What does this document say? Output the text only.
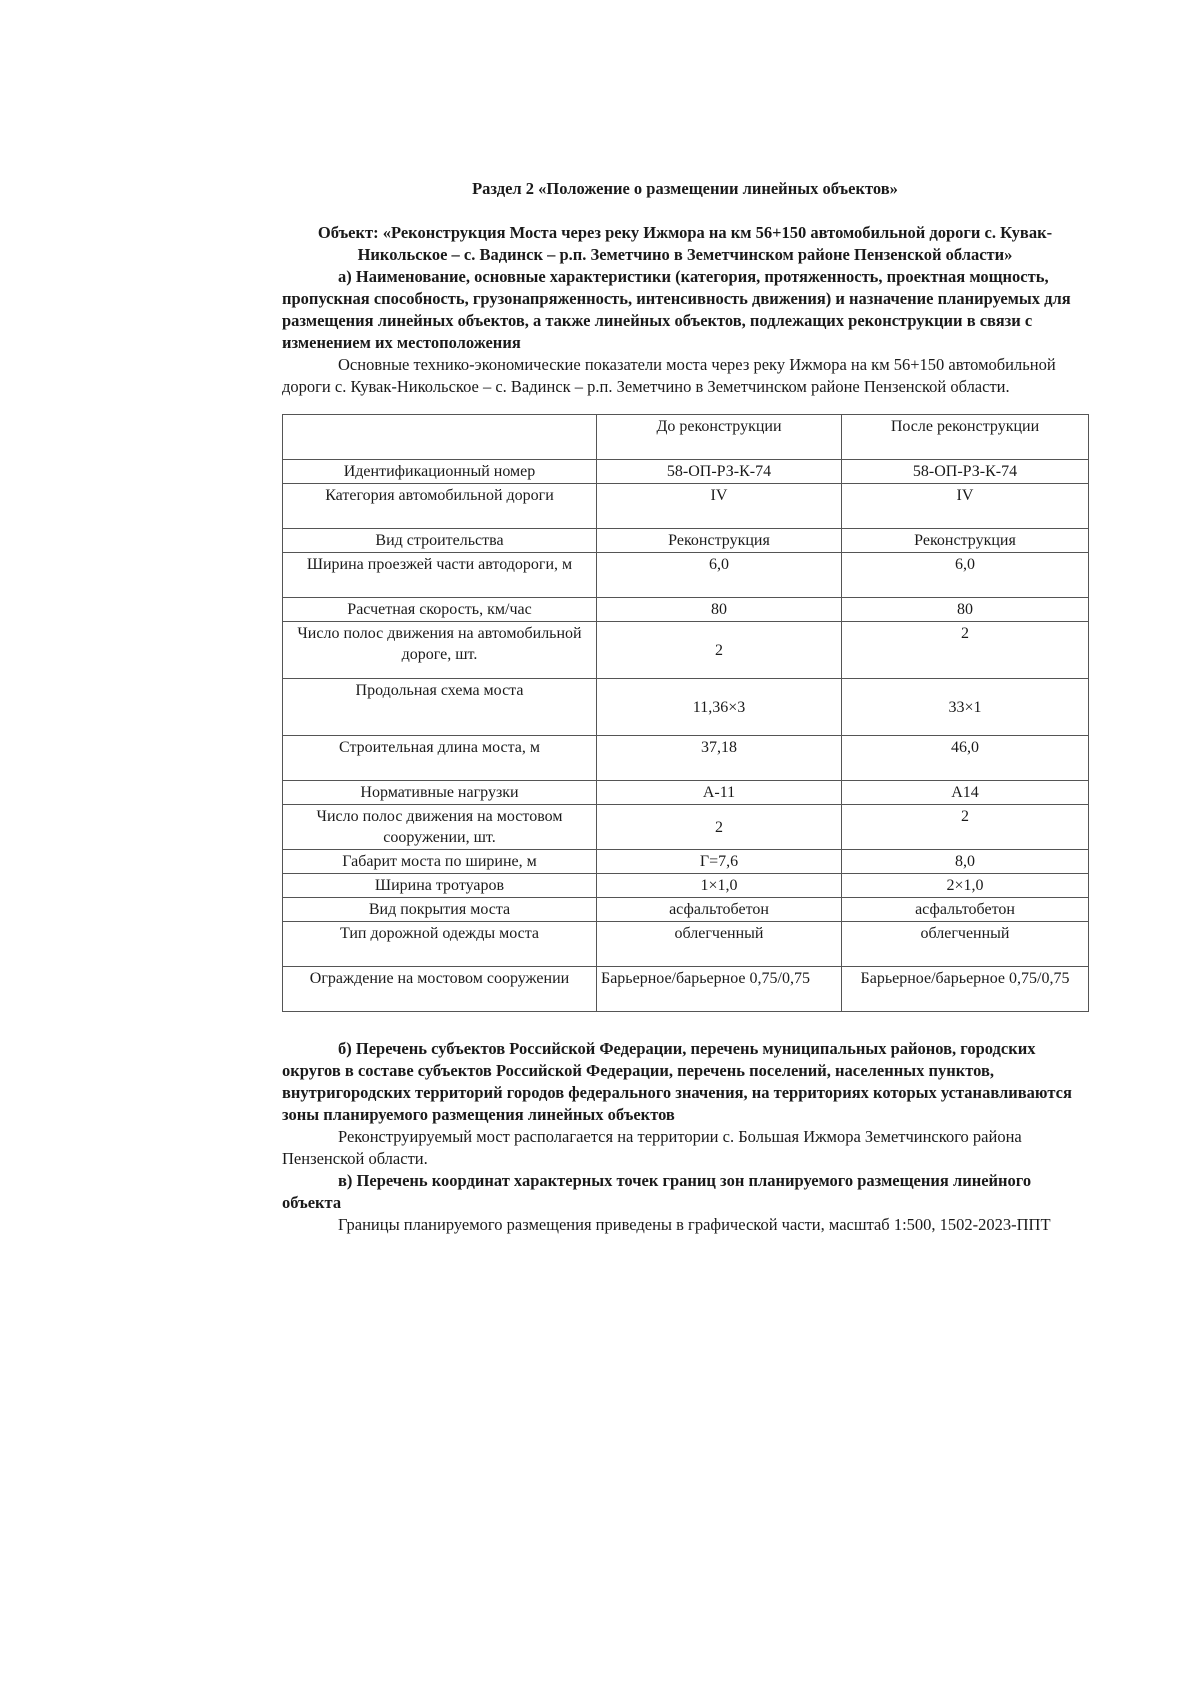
Раздел 2 «Положение о размещении линейных объектов»

Объект: «Реконструкция Моста через реку Ижмора на км 56+150 автомобильной дороги с. Кувак-Никольское – с. Вадинск – р.п. Земетчино в Земетчинском районе Пензенской области»

а) Наименование, основные характеристики (категория, протяженность, проектная мощность, пропускная способность, грузонапряженность, интенсивность движения) и назначение планируемых для размещения линейных объектов, а также линейных объектов, подлежащих реконструкции в связи с изменением их местоположения

Основные технико-экономические показатели моста через реку Ижмора на км 56+150 автомобильной дороги с. Кувак-Никольское – с. Вадинск – р.п. Земетчино в Земетчинском районе Пензенской области.

	До реконструкции	После реконструкции
Идентификационный номер	58-ОП-РЗ-К-74	58-ОП-РЗ-К-74
Категория автомобильной дороги	IV	IV
Вид строительства	Реконструкция	Реконструкция
Ширина проезжей части автодороги, м	6,0	6,0
Расчетная скорость, км/час	80	80
Число полос движения на автомобильной дороге, шт.	2	2
Продольная схема моста	11,36×3	33×1
Строительная длина моста, м	37,18	46,0
Нормативные нагрузки	А-11	А14
Число полос движения на мостовом сооружении, шт.	2	2
Габарит моста по ширине, м	Г=7,6	8,0
Ширина тротуаров	1×1,0	2×1,0
Вид покрытия моста	асфальтобетон	асфальтобетон
Тип дорожной одежды моста	облегченный	облегченный
Ограждение на мостовом сооружении	Барьерное/барьерное 0,75/0,75	Барьерное/барьерное 0,75/0,75

б) Перечень субъектов Российской Федерации, перечень муниципальных районов, городских округов в составе субъектов Российской Федерации, перечень поселений, населенных пунктов, внутригородских территорий городов федерального значения, на территориях которых устанавливаются зоны планируемого размещения линейных объектов

Реконструируемый мост располагается на территории с. Большая Ижмора Земетчинского района Пензенской области.

в) Перечень координат характерных точек границ зон планируемого размещения линейного объекта

Границы планируемого размещения приведены в графической части, масштаб 1:500, 1502-2023-ППТ
